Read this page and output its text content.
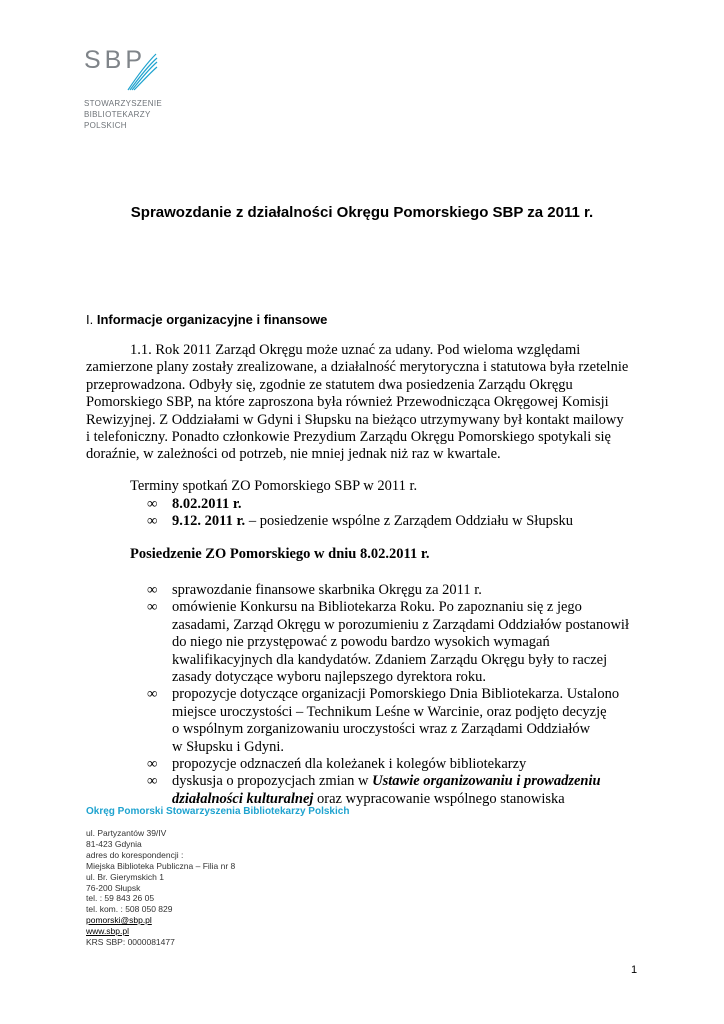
SBP
STOWARZYSZENIE
BIBLIOTEKARZY
POLSKICH
Sprawozdanie z działalności Okręgu Pomorskiego SBP za 2011 r.
I. Informacje organizacyjne i finansowe
1.1. Rok 2011 Zarząd Okręgu może uznać za udany. Pod wieloma względami
zamierzone plany zostały zrealizowane, a działalność merytoryczna i statutowa była rzetelnie
przeprowadzona. Odbyły się, zgodnie ze statutem dwa posiedzenia Zarządu Okręgu
Pomorskiego SBP, na które zaproszona była również Przewodnicząca Okręgowej Komisji
Rewizyjnej. Z Oddziałami w Gdyni i Słupsku na bieżąco utrzymywany był kontakt mailowy
i telefoniczny. Ponadto członkowie Prezydium Zarządu Okręgu Pomorskiego spotykali się
doraźnie, w zależności od potrzeb, nie mniej jednak niż raz w kwartale.
Terminy spotkań ZO Pomorskiego SBP w 2011 r.
∞ 8.02.2011 r.
∞ 9.12. 2011 r. – posiedzenie wspólne z Zarządem Oddziału w Słupsku
Posiedzenie ZO Pomorskiego w dniu 8.02.2011 r.
∞ sprawozdanie finansowe skarbnika Okręgu za 2011 r.
∞ omówienie Konkursu na Bibliotekarza Roku. Po zapoznaniu się z jego
zasadami, Zarząd Okręgu w porozumieniu z Zarządami Oddziałów postanowił
do niego nie przystępować z powodu bardzo wysokich wymagań
kwalifikacyjnych dla kandydatów. Zdaniem Zarządu Okręgu były to raczej
zasady dotyczące wyboru najlepszego dyrektora roku.
∞ propozycje dotyczące organizacji Pomorskiego Dnia Bibliotekarza. Ustalono
miejsce uroczystości – Technikum Leśne w Warcinie, oraz podjęto decyzję
o wspólnym zorganizowaniu uroczystości wraz z Zarządami Oddziałów
w Słupsku i Gdyni.
∞ propozycje odznaczeń dla koleżanek i kolegów bibliotekarzy
∞ dyskusja o propozycjach zmian w Ustawie organizowaniu i prowadzeniu
działalności kulturalnej oraz wypracowanie wspólnego stanowiska
Okręg Pomorski Stowarzyszenia Bibliotekarzy Polskich
ul. Partyzantów 39/IV
81-423 Gdynia
adres do korespondencji :
Miejska Biblioteka Publiczna – Filia nr 8
ul. Br. Gierymskich 1
76-200 Słupsk
tel. : 59 843 26 05
tel. kom. : 508 050 829
pomorski@sbp.pl
www.sbp.pl
KRS SBP: 0000081477
1
